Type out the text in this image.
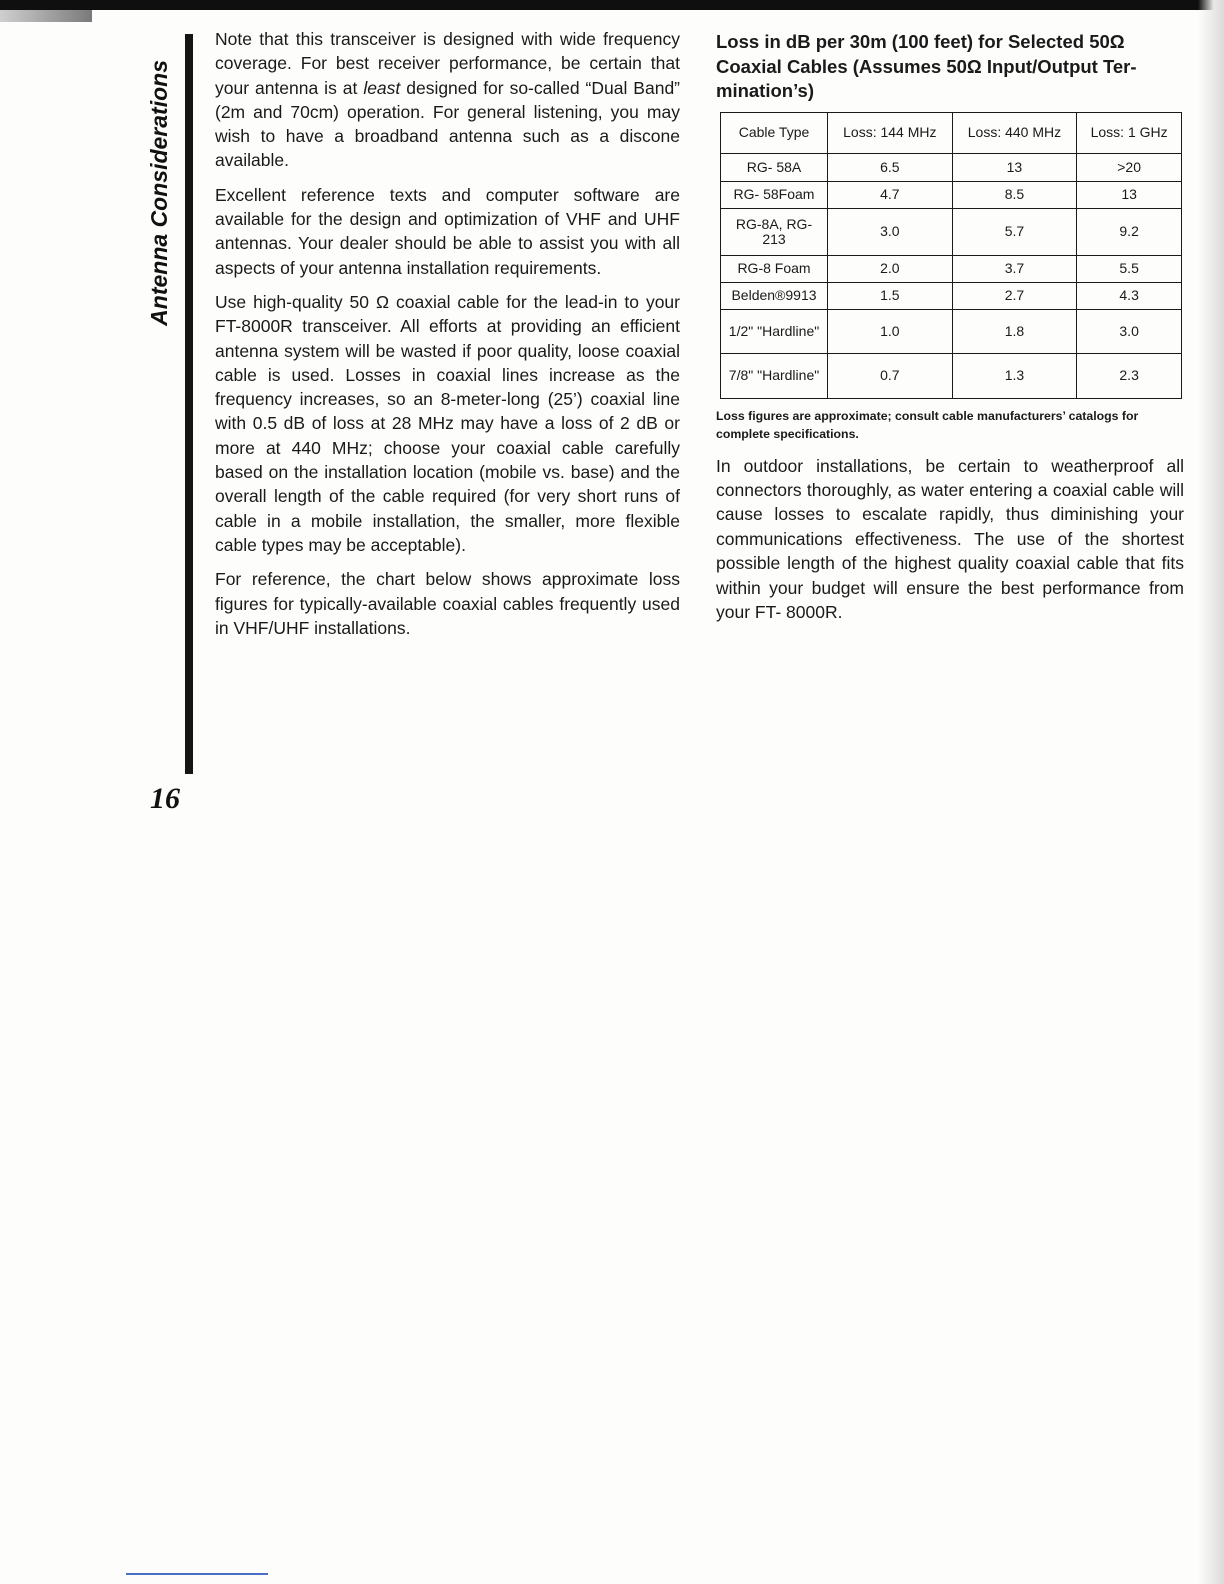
Antenna Considerations
16

Note that this transceiver is designed with wide frequency coverage. For best receiver performance, be certain that your antenna is at least designed for so-called “Dual Band” (2m and 70cm) operation. For general listening, you may wish to have a broadband antenna such as a discone available.

Excellent reference texts and computer software are available for the design and optimization of VHF and UHF antennas. Your dealer should be able to assist you with all aspects of your antenna installation requirements.

Use high-quality 50 Ω coaxial cable for the lead-in to your FT-8000R transceiver. All efforts at providing an efficient antenna system will be wasted if poor quality, loose coaxial cable is used. Losses in coaxial lines increase as the frequency increases, so an 8-meter-long (25’) coaxial line with 0.5 dB of loss at 28 MHz may have a loss of 2 dB or more at 440 MHz; choose your coaxial cable carefully based on the installation location (mobile vs. base) and the overall length of the cable required (for very short runs of cable in a mobile installation, the smaller, more flexible cable types may be acceptable).

For reference, the chart below shows approximate loss figures for typically-available coaxial cables frequently used in VHF/UHF installations.

Loss in dB per 30m (100 feet) for Selected 50Ω Coaxial Cables (Assumes 50Ω Input/Output Termination’s)
Cable Type	Loss: 144 MHz	Loss: 440 MHz	Loss: 1 GHz
RG- 58A	6.5	13	>20
RG- 58Foam	4.7	8.5	13
RG-8A, RG-213	3.0	5.7	9.2
RG-8 Foam	2.0	3.7	5.5
Belden®9913	1.5	2.7	4.3
1/2" "Hardline"	1.0	1.8	3.0
7/8" "Hardline"	0.7	1.3	2.3
Loss figures are approximate; consult cable manufacturers’ catalogs for complete specifications.

In outdoor installations, be certain to weatherproof all connectors thoroughly, as water entering a coaxial cable will cause losses to escalate rapidly, thus diminishing your communications effectiveness. The use of the shortest possible length of the highest quality coaxial cable that fits within your budget will ensure the best performance from your FT- 8000R.
